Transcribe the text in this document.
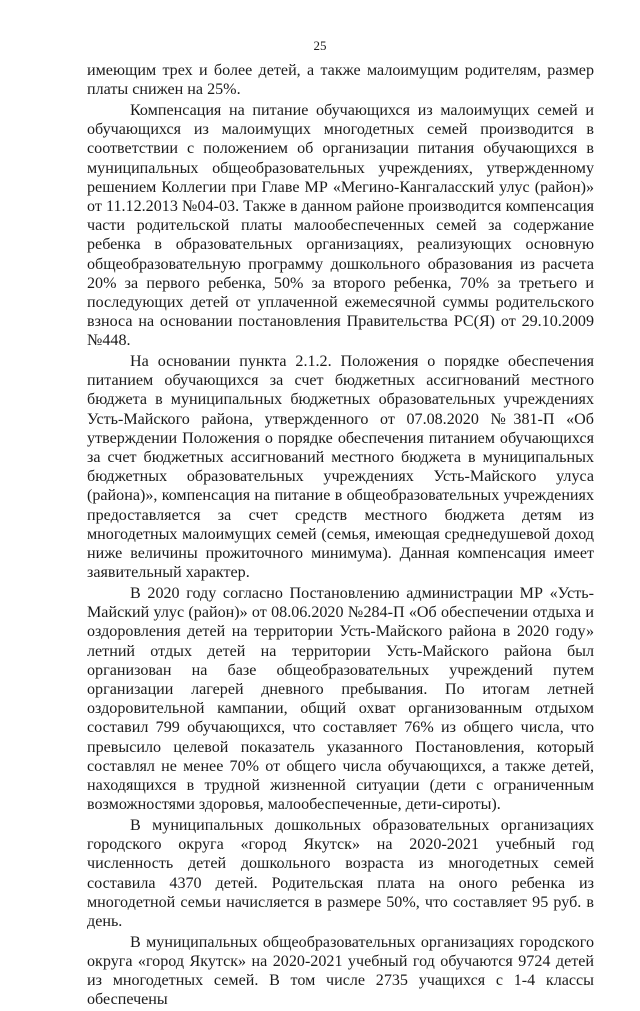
25

имеющим трех и более детей, а также малоимущим родителям, размер платы снижен на 25%.

Компенсация на питание обучающихся из малоимущих семей и обучающихся из малоимущих многодетных семей производится в соответствии с положением об организации питания обучающихся в муниципальных общеобразовательных учреждениях, утвержденному решением Коллегии при Главе МР «Мегино-Кангаласский улус (район)» от 11.12.2013 №04-03. Также в данном районе производится компенсация части родительской платы малообеспеченных семей за содержание ребенка в образовательных организациях, реализующих основную общеобразовательную программу дошкольного образования из расчета 20% за первого ребенка, 50% за второго ребенка, 70% за третьего и последующих детей от уплаченной ежемесячной суммы родительского взноса на основании постановления Правительства РС(Я) от 29.10.2009 №448.

На основании пункта 2.1.2. Положения о порядке обеспечения питанием обучающихся за счет бюджетных ассигнований местного бюджета в муниципальных бюджетных образовательных учреждениях Усть-Майского района, утвержденного от 07.08.2020 №381-П «Об утверждении Положения о порядке обеспечения питанием обучающихся за счет бюджетных ассигнований местного бюджета в муниципальных бюджетных образовательных учреждениях Усть-Майского улуса (района)», компенсация на питание в общеобразовательных учреждениях предоставляется за счет средств местного бюджета детям из многодетных малоимущих семей (семья, имеющая среднедушевой доход ниже величины прожиточного минимума). Данная компенсация имеет заявительный характер.

В 2020 году согласно Постановлению администрации МР «Усть-Майский улус (район)» от 08.06.2020 №284-П «Об обеспечении отдыха и оздоровления детей на территории Усть-Майского района в 2020 году» летний отдых детей на территории Усть-Майского района был организован на базе общеобразовательных учреждений путем организации лагерей дневного пребывания. По итогам летней оздоровительной кампании, общий охват организованным отдыхом составил 799 обучающихся, что составляет 76% из общего числа, что превысило целевой показатель указанного Постановления, который составлял не менее 70% от общего числа обучающихся, а также детей, находящихся в трудной жизненной ситуации (дети с ограниченным возможностями здоровья, малообеспеченные, дети-сироты).

В муниципальных дошкольных образовательных организациях городского округа «город Якутск» на 2020-2021 учебный год численность детей дошкольного возраста из многодетных семей составила 4370 детей. Родительская плата на оного ребенка из многодетной семьи начисляется в размере 50%, что составляет 95 руб. в день.

В муниципальных общеобразовательных организациях городского округа «город Якутск» на 2020-2021 учебный год обучаются 9724 детей из многодетных семей. В том числе 2735 учащихся с 1-4 классы обеспечены
